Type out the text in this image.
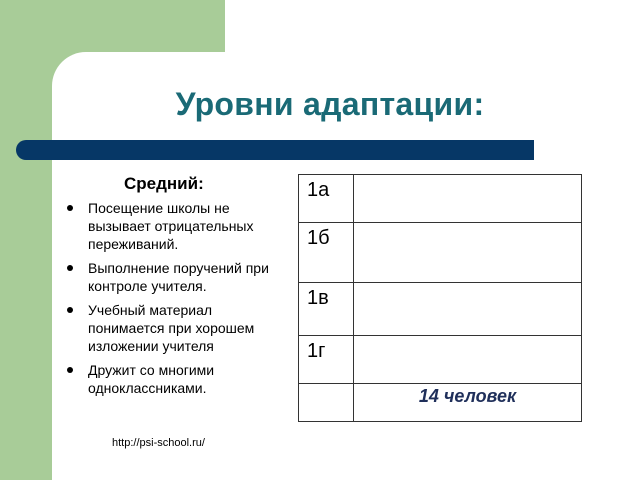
Уровни адаптации:
Средний:
Посещение школы не вызывает отрицательных переживаний.
Выполнение поручений при контроле учителя.
Учебный материал понимается при хорошем изложении учителя
Дружит со многими одноклассниками.
1а	
1б	
1в	
1г	
	14 человек
http://psi-school.ru/
